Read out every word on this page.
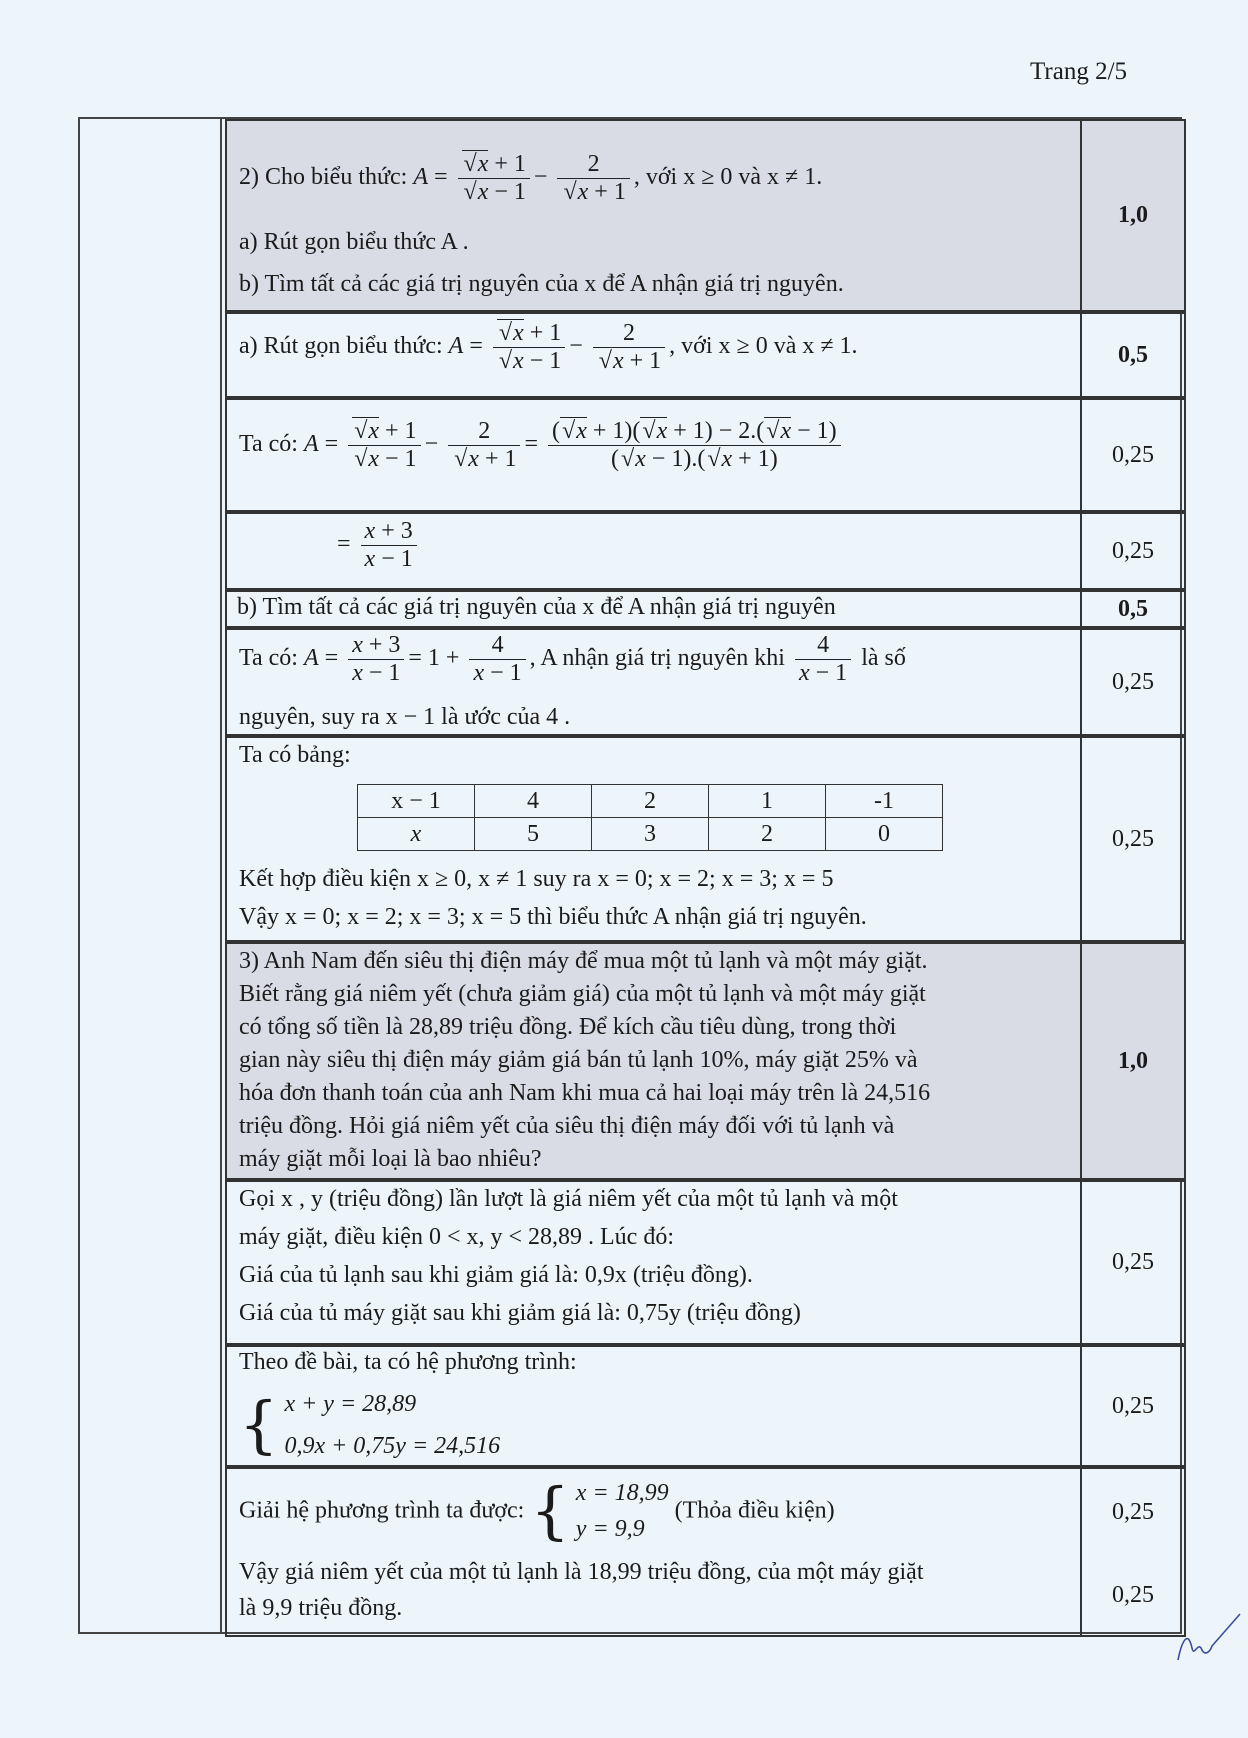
Trang 2/5
2) Cho biểu thức: A = √ x + 1
√ x − 1 − 2
√ x + 1 , với x ≥ 0 và x ≠ 1.
a) Rút gọn biểu thức A .
b) Tìm tất cả các giá trị nguyên của x để A nhận giá trị nguyên.
1,0
a) Rút gọn biểu thức: A = √ x + 1
√ x − 1 − 2
√ x + 1 , với x ≥ 0 và x ≠ 1.	0,5
Ta có: A = √ x + 1
√ x − 1 − 2
√ $x + 1 = \frac{( √ x + 1)( √ x + 1) - 2.( √ x - 1)}{( √ x - 1).( √ x + 1)}$	0,25
= $\frac{x + 3}{x - 1}$	0,25
b) Tìm tất cả các giá trị nguyên của x để A nhận giá trị nguyên	0,5
Ta có: $A = \frac{x + 3}{x - 1} = 1 + \frac{4}{x - 1}$ , A nhận giá trị nguyên khi $\frac{4}{x - 1}$ là số
nguyên, suy ra x − 1 là ước của 4 .
0,25
Ta có bảng:
x − 1	4	2	1	-1
x	5	3	2	0
Kết hợp điều kiện x ≥ 0, x ≠ 1 suy ra x = 0; x = 2; x = 3; x = 5
Vậy x = 0; x = 2; x = 3; x = 5 thì biểu thức A nhận giá trị nguyên.
0,25
3) Anh Nam đến siêu thị điện máy để mua một tủ lạnh và một máy giặt.
Biết rằng giá niêm yết (chưa giảm giá) của một tủ lạnh và một máy giặt
có tổng số tiền là 28,89 triệu đồng. Để kích cầu tiêu dùng, trong thời
gian này siêu thị điện máy giảm giá bán tủ lạnh 10%, máy giặt 25% và
hóa đơn thanh toán của anh Nam khi mua cả hai loại máy trên là 24,516
triệu đồng. Hỏi giá niêm yết của siêu thị điện máy đối với tủ lạnh và
máy giặt mỗi loại là bao nhiêu?
1,0
Gọi x , y (triệu đồng) lần lượt là giá niêm yết của một tủ lạnh và một
máy giặt, điều kiện 0 < x, y < 28,89 . Lúc đó:
Giá của tủ lạnh sau khi giảm giá là: 0,9x (triệu đồng).
Giá của tủ máy giặt sau khi giảm giá là: 0,75y (triệu đồng)
0,25
Theo đề bài, ta có hệ phương trình:
{ x + y = 28,89
0,9x + 0,75y = 24,516
0,25
Giải hệ phương trình ta được: { x = 18,99
y = 9,9
(Thỏa điều kiện)	0,25
Vậy giá niêm yết của một tủ lạnh là 18,99 triệu đồng, của một máy giặt
là 9,9 triệu đồng.
0,25
